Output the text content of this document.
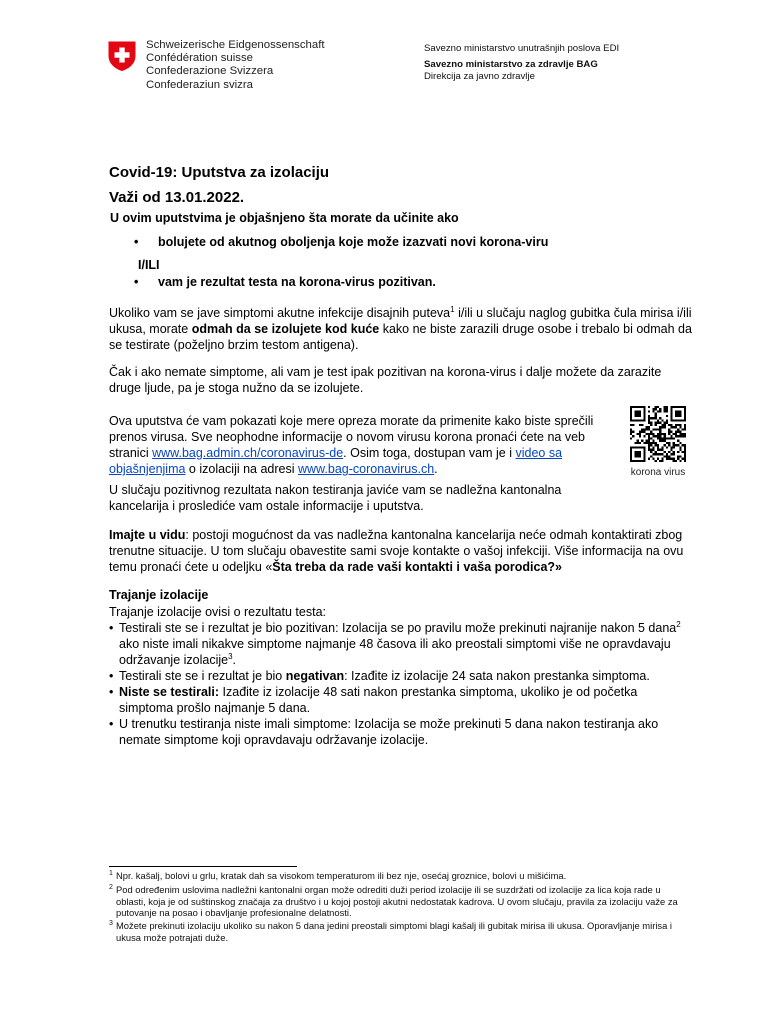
Schweizerische Eidgenossenschaft
Confédération suisse
Confederazione Svizzera
Confederaziun svizra
Savezno ministarstvo unutrašnjih poslova EDI
Savezno ministarstvo za zdravlje BAG
Direkcija za javno zdravlje
Covid-19: Uputstva za izolaciju
Važi od 13.01.2022.
U ovim uputstvima je objašnjeno šta morate da učinite ako
• bolujete od akutnog oboljenja koje može izazvati novi korona-viru
I/ILI
• vam je rezultat testa na korona-virus pozitivan.

Ukoliko vam se jave simptomi akutne infekcije disajnih puteva$^1$ i/ili u slučaju naglog gubitka čula mirisa i/ili ukusa, morate odmah da se izolujete kod kuće kako ne biste zarazili druge osobe i trebalo bi odmah da se testirate (poželjno brzim testom antigena).

Čak i ako nemate simptome, ali vam je test ipak pozitivan na korona-virus i dalje možete da zarazite druge ljude, pa je stoga nužno da se izolujete.

Ova uputstva će vam pokazati koje mere opreza morate da primenite kako biste sprečili prenos virusa. Sve neophodne informacije o novom virusu korona pronaći ćete na veb stranici www.bag.admin.ch/coronavirus-de. Osim toga, dostupan vam je i video sa objašnjenjima o izolaciji na adresi www.bag-coronavirus.ch.	korona virus

U slučaju pozitivnog rezultata nakon testiranja javiće vam se nadležna kantonalna kancelarija i proslediće vam ostale informacije i uputstva.

Imajte u vidu: postoji mogućnost da vas nadležna kantonalna kancelarija neće odmah kontaktirati zbog trenutne situacije. U tom slučaju obavestite sami svoje kontakte o vašoj infekciji. Više informacija na ovu temu pronaći ćete u odeljku «Šta treba da rade vaši kontakti i vaša porodica?»

Trajanje izolacije

Trajanje izolacije ovisi o rezultatu testa:

• Testirali ste se i rezultat je bio pozitivan: Izolacija se po pravilu može prekinuti najranije nakon 5 dana$^2$ ako niste imali nikakve simptome najmanje 48 časova ili ako preostali simptomi više ne opravdavaju održavanje izolacije$^3$.
• Testirali ste se i rezultat je bio negativan: Izađite iz izolacije 24 sata nakon prestanka simptoma.
• Niste se testirali: Izađite iz izolacije 48 sati nakon prestanka simptoma, ukoliko je od početka simptoma prošlo najmanje 5 dana.
• U trenutku testiranja niste imali simptome: Izolacija se može prekinuti 5 dana nakon testiranja ako nemate simptome koji opravdavaju održavanje izolacije.
1 Npr. kašalj, bolovi u grlu, kratak dah sa visokom temperaturom ili bez nje, osećaj groznice, bolovi u mišićima.
2 Pod određenim uslovima nadležni kantonalni organ može odrediti duži period izolacije ili se suzdržati od izolacije za lica koja rade u oblasti, koja je od suštinskog značaja za društvo i u kojoj postoji akutni nedostatak kadrova. U ovom slučaju, pravila za izolaciju važe za putovanje na posao i obavljanje profesionalne delatnosti.
3 Možete prekinuti izolaciju ukoliko su nakon 5 dana jedini preostali simptomi blagi kašalj ili gubitak mirisa ili ukusa. Oporavljanje mirisa i ukusa može potrajati duže.
